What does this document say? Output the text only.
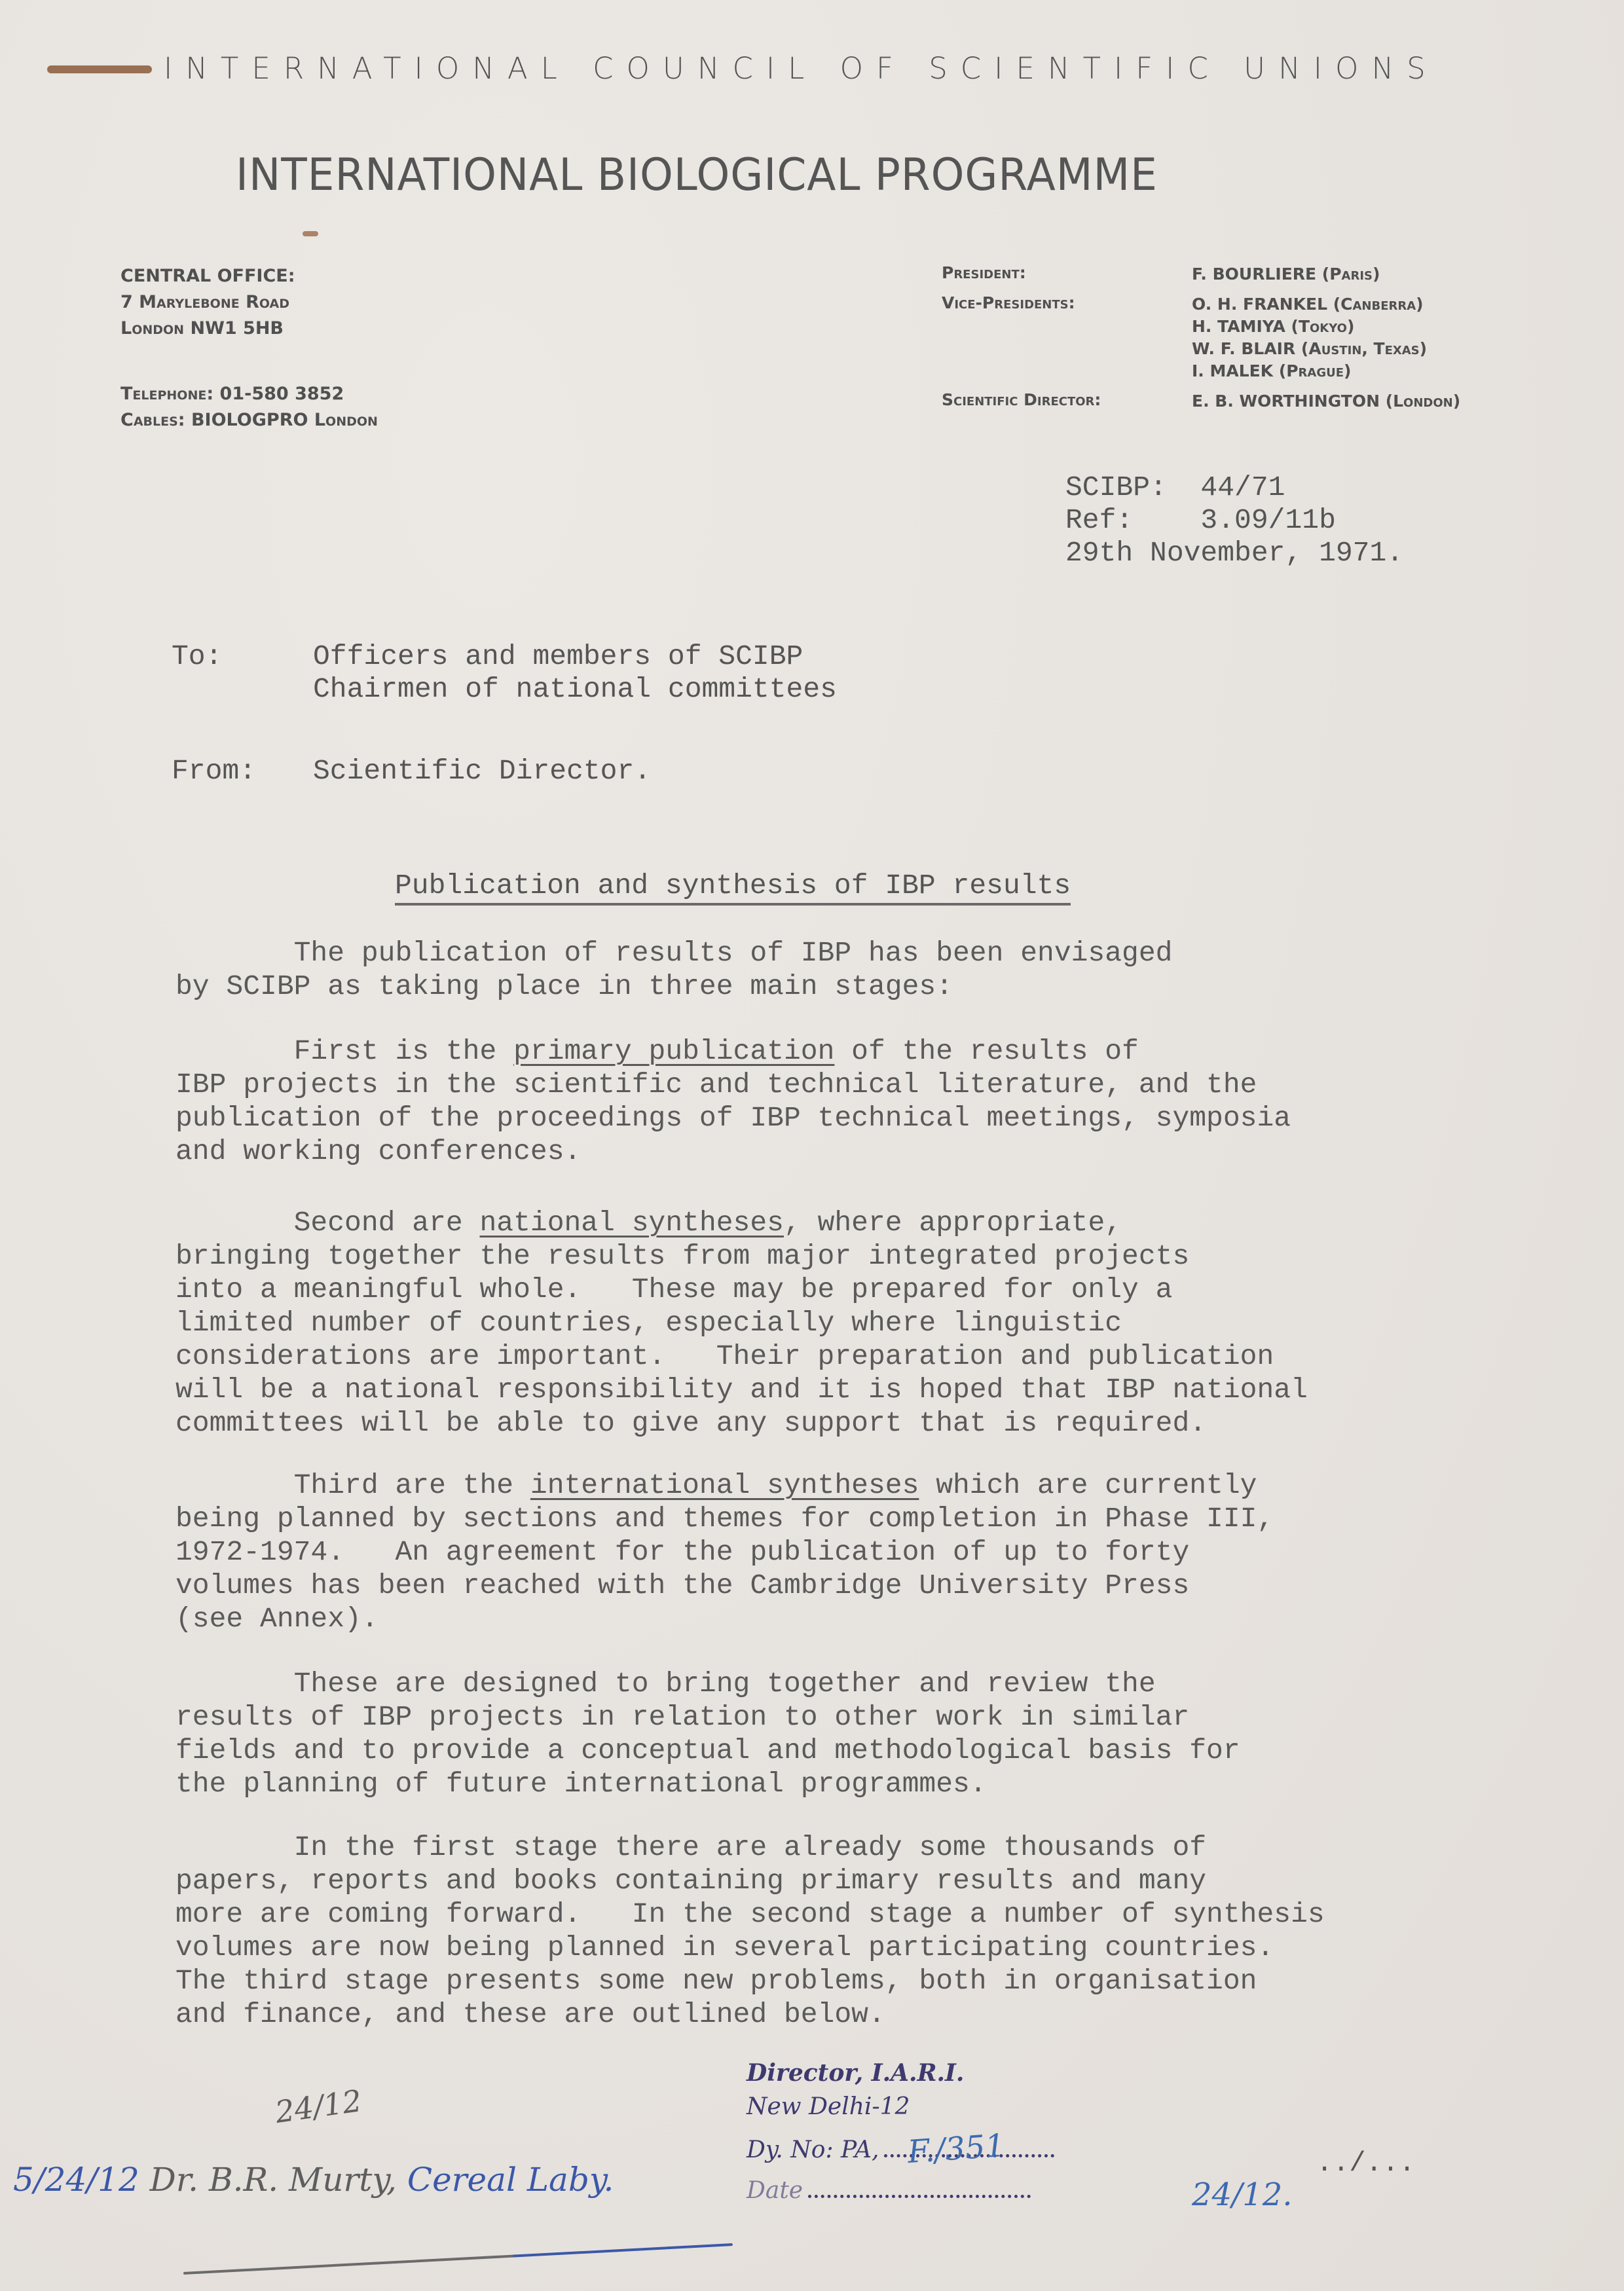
INTERNATIONAL COUNCIL OF SCIENTIFIC UNIONS
INTERNATIONAL BIOLOGICAL PROGRAMME
CENTRAL OFFICE:
7 Marylebone Road
London NW1 5HB
Telephone: 01-580 3852
Cables: BIOLOGPRO London
President:	F. BOURLIERE (Paris)
Vice-Presidents:	O. H. FRANKEL (Canberra)
H. TAMIYA (Tokyo)
W. F. BLAIR (Austin, Texas)
I. MALEK (Prague)
Scientific Director:	E. B. WORTHINGTON (London)
SCIBP:  44/71
Ref:    3.09/11b
29th November, 1971.
To:	Officers and members of SCIBP
Chairmen of national committees
From:	Scientific Director.
Publication and synthesis of IBP results
The publication of results of IBP has been envisaged
by SCIBP as taking place in three main stages:
First is the primary publication of the results of
IBP projects in the scientific and technical literature, and the
publication of the proceedings of IBP technical meetings, symposia
and working conferences.
Second are national syntheses, where appropriate,
bringing together the results from major integrated projects
into a meaningful whole.   These may be prepared for only a
limited number of countries, especially where linguistic
considerations are important.   Their preparation and publication
will be a national responsibility and it is hoped that IBP national
committees will be able to give any support that is required.
Third are the international syntheses which are currently
being planned by sections and themes for completion in Phase III,
1972-1974.   An agreement for the publication of up to forty
volumes has been reached with the Cambridge University Press
(see Annex).
These are designed to bring together and review the
results of IBP projects in relation to other work in similar
fields and to provide a conceptual and methodological basis for
the planning of future international programmes.
In the first stage there are already some thousands of
papers, reports and books containing primary results and many
more are coming forward.   In the second stage a number of synthesis
volumes are now being planned in several participating countries.
The third stage presents some new problems, both in organisation
and finance, and these are outlined below.
Director, I.A.R.I.
New Delhi-12
Dy. No: PA,
Date
F./351
24/12.
../...
24/12
5/24/12 Dr. B.R. Murty, Cereal Laby.
